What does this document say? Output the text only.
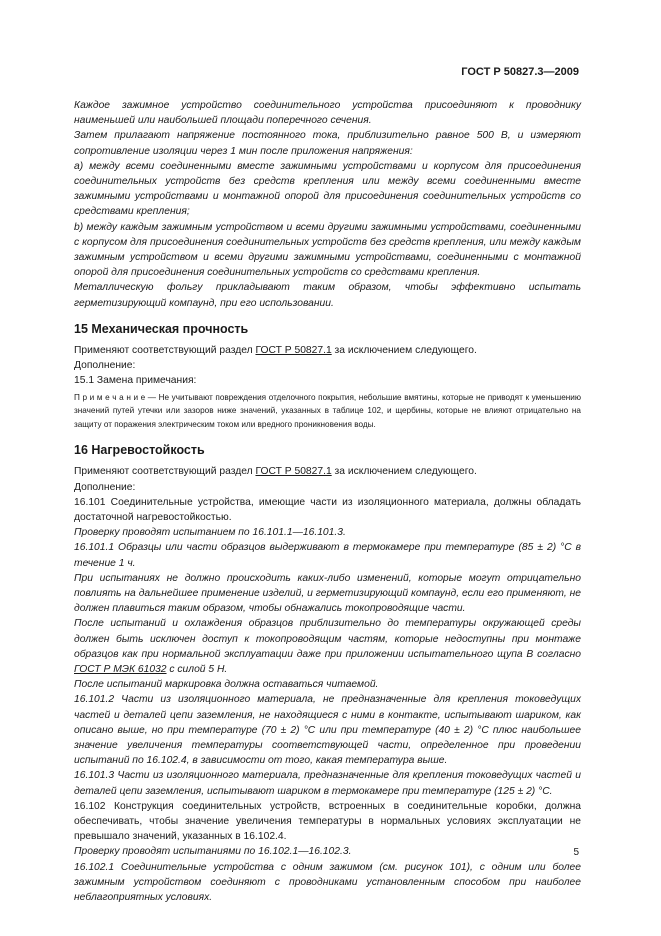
ГОСТ Р 50827.3—2009

Каждое зажимное устройство соединительного устройства присоединяют к проводнику наименьшей или наибольшей площади поперечного сечения.

Затем прилагают напряжение постоянного тока, приблизительно равное 500 В, и измеряют сопротивление изоляции через 1 мин после приложения напряжения:

а) между всеми соединенными вместе зажимными устройствами и корпусом для присоединения соединительных устройств без средств крепления или между всеми соединенными вместе зажимными устройствами и монтажной опорой для присоединения соединительных устройств со средствами крепления;

b) между каждым зажимным устройством и всеми другими зажимными устройствами, соединенными с корпусом для присоединения соединительных устройств без средств крепления, или между каждым зажимным устройством и всеми другими зажимными устройствами, соединенными с монтажной опорой для присоединения соединительных устройств со средствами крепления.

Металлическую фольгу прикладывают таким образом, чтобы эффективно испытать герметизирующий компаунд, при его использовании.

15 Механическая прочность

Применяют соответствующий раздел ГОСТ Р 50827.1 за исключением следующего.

Дополнение:

15.1 Замена примечания:

П р и м е ч а н и е — Не учитывают повреждения отделочного покрытия, небольшие вмятины, которые не приводят к уменьшению значений путей утечки или зазоров ниже значений, указанных в таблице 102, и щербины, которые не влияют отрицательно на защиту от поражения электрическим током или вредного проникновения воды.

16 Нагревостойкость

Применяют соответствующий раздел ГОСТ Р 50827.1 за исключением следующего.

Дополнение:

16.101 Соединительные устройства, имеющие части из изоляционного материала, должны обладать достаточной нагревостойкостью.

Проверку проводят испытанием по 16.101.1—16.101.3.

16.101.1 Образцы или части образцов выдерживают в термокамере при температуре (85 ± 2) °С в течение 1 ч.

При испытаниях не должно происходить каких-либо изменений, которые могут отрицательно повлиять на дальнейшее применение изделий, и герметизирующий компаунд, если его применяют, не должен плавиться таким образом, чтобы обнажались токопроводящие части.

После испытаний и охлаждения образцов приблизительно до температуры окружающей среды должен быть исключен доступ к токопроводящим частям, которые недоступны при монтаже образцов как при нормальной эксплуатации даже при приложении испытательного щупа В согласно ГОСТ Р МЭК 61032 с силой 5 Н.

После испытаний маркировка должна оставаться читаемой.

16.101.2 Части из изоляционного материала, не предназначенные для крепления токоведущих частей и деталей цепи заземления, не находящиеся с ними в контакте, испытывают шариком, как описано выше, но при температуре (70 ± 2) °С или при температуре (40 ± 2) °С плюс наибольшее значение увеличения температуры соответствующей части, определенное при проведении испытаний по 16.102.4, в зависимости от того, какая температура выше.

16.101.3 Части из изоляционного материала, предназначенные для крепления токоведущих частей и деталей цепи заземления, испытывают шариком в термокамере при температуре (125 ± 2) °С.

16.102 Конструкция соединительных устройств, встроенных в соединительные коробки, должна обеспечивать, чтобы значение увеличения температуры в нормальных условиях эксплуатации не превышало значений, указанных в 16.102.4.

Проверку проводят испытаниями по 16.102.1—16.102.3.

16.102.1 Соединительные устройства с одним зажимом (см. рисунок 101), с одним или более зажимным устройством соединяют с проводниками установленным способом при наиболее неблагоприятных условиях.

5
